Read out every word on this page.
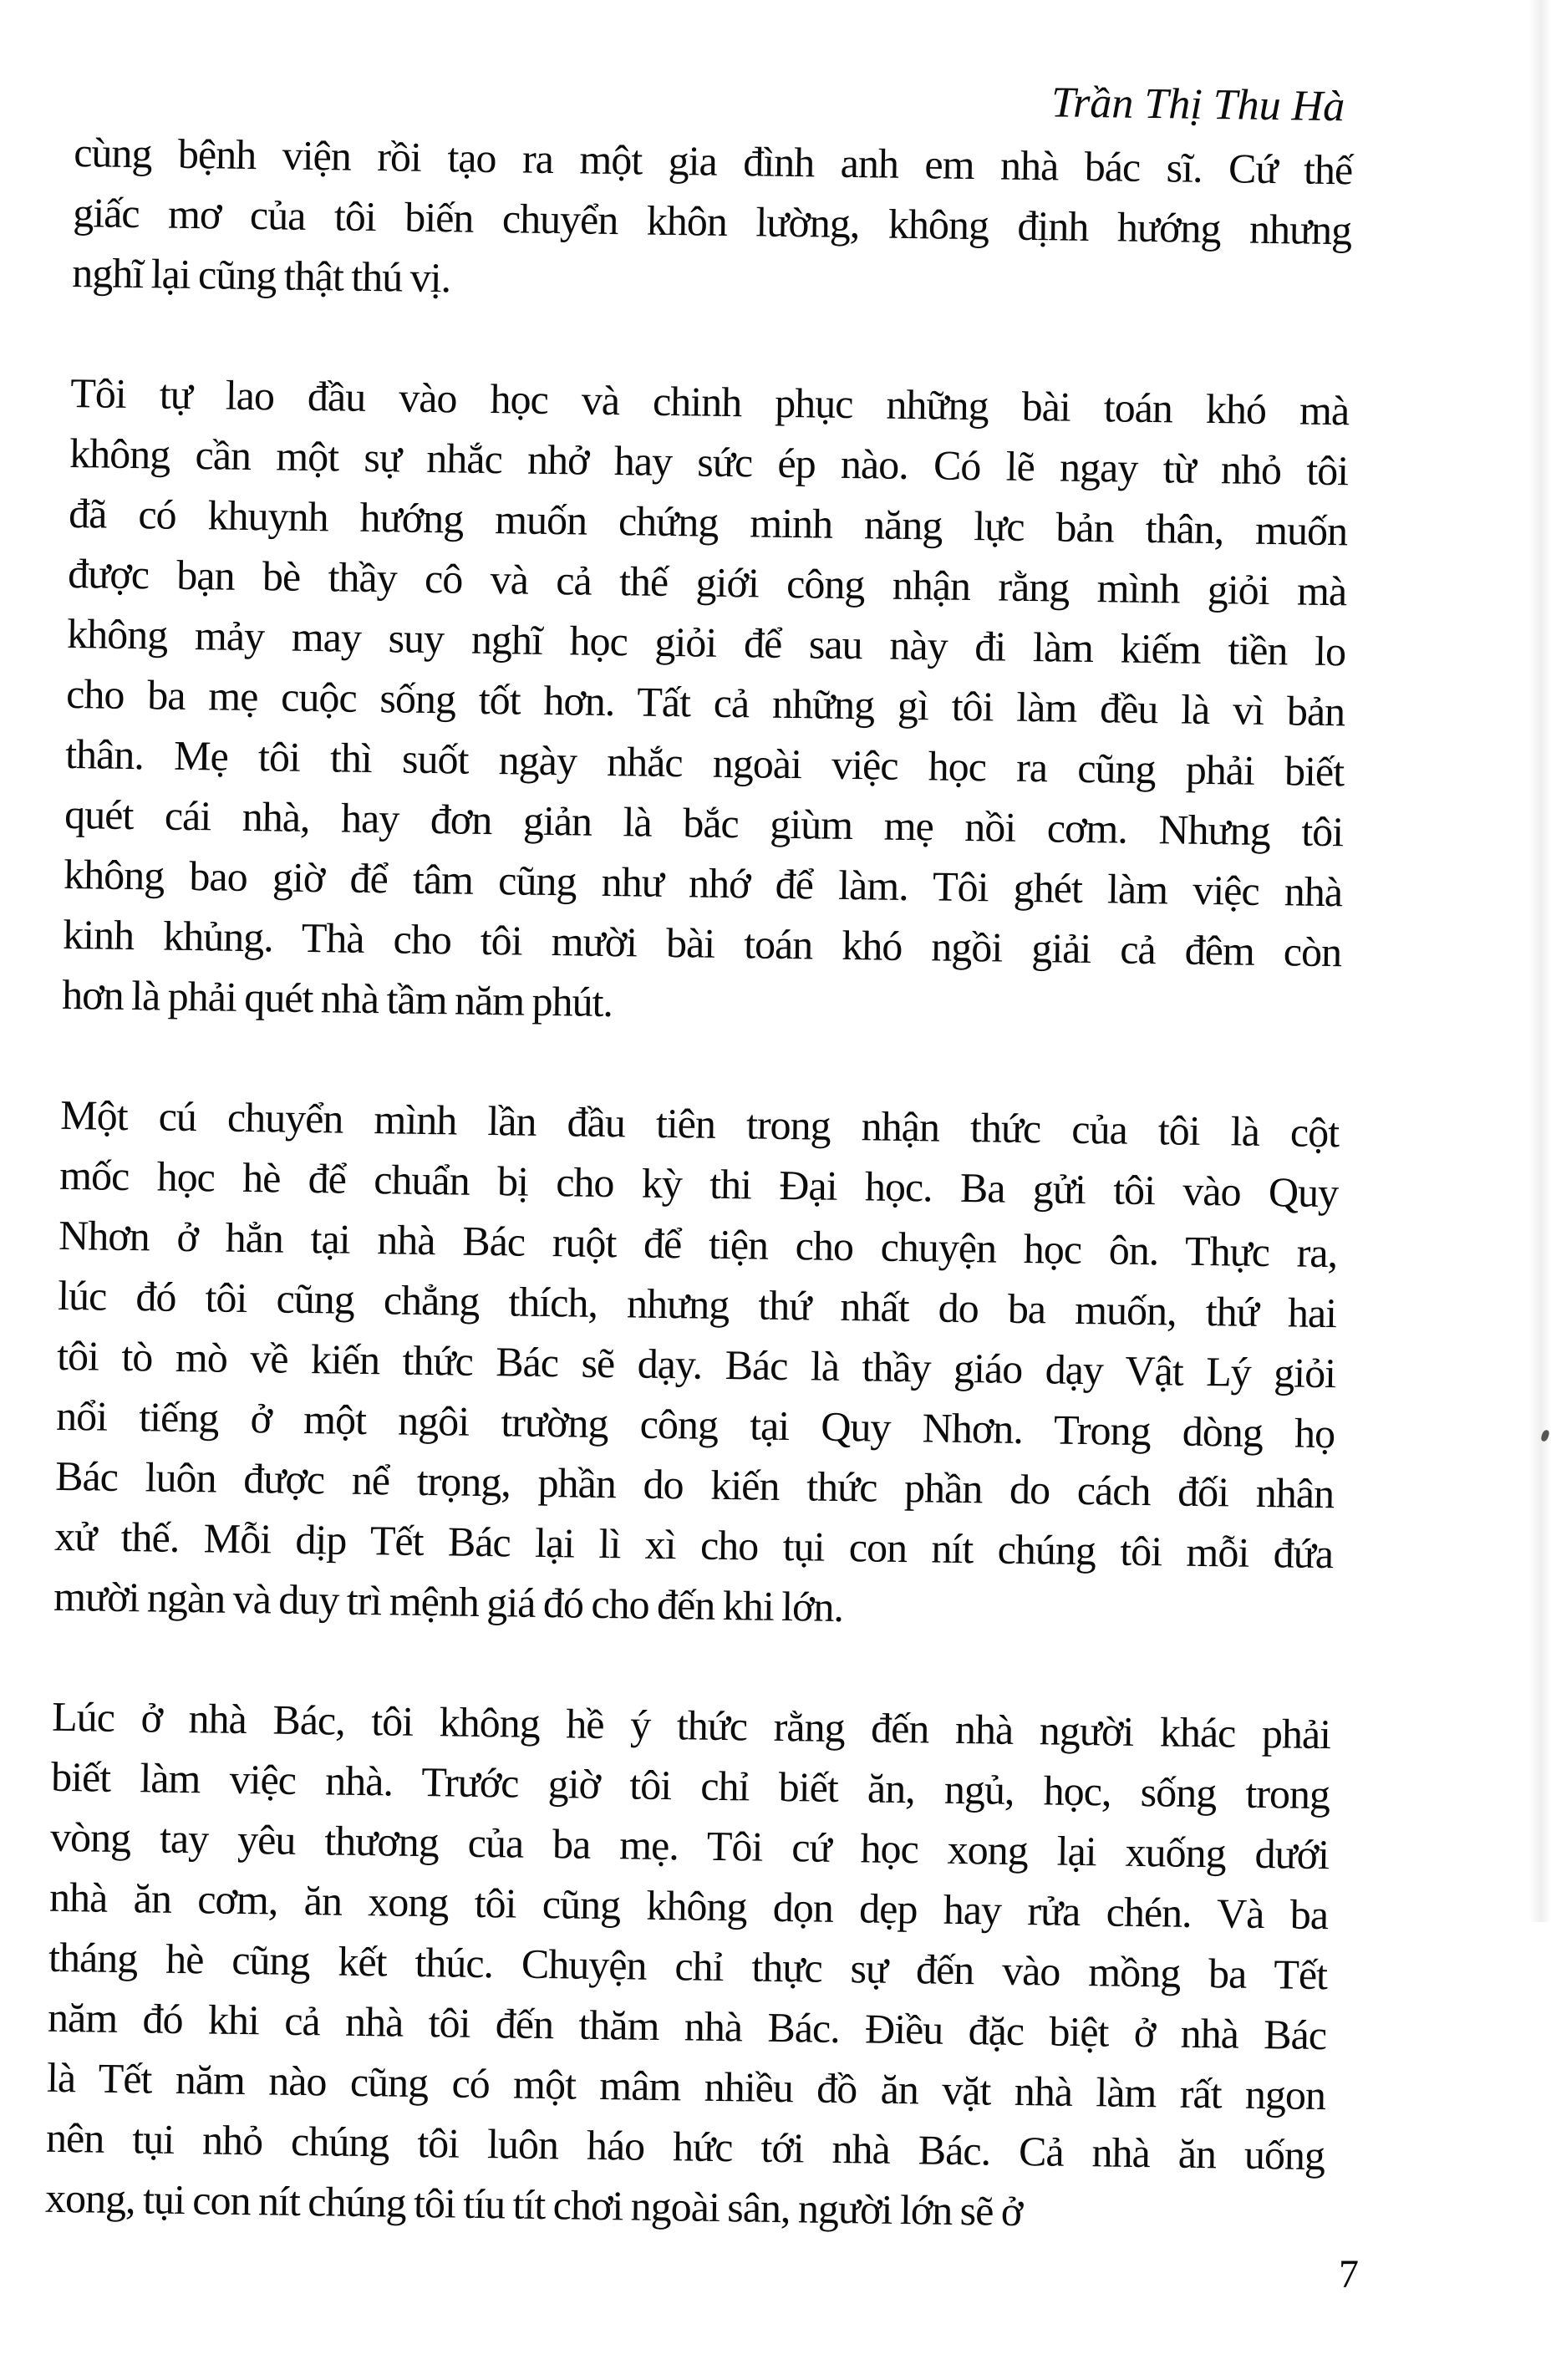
Trần Thị Thu Hà
cùng bệnh viện rồi tạo ra một gia đình anh em nhà bác sĩ. Cứ thế
giấc mơ của tôi biến chuyển khôn lường, không định hướng nhưng
nghĩ lại cũng thật thú vị.
Tôi tự lao đầu vào học và chinh phục những bài toán khó mà
không cần một sự nhắc nhở hay sức ép nào. Có lẽ ngay từ nhỏ tôi
đã có khuynh hướng muốn chứng minh năng lực bản thân, muốn
được bạn bè thầy cô và cả thế giới công nhận rằng mình giỏi mà
không mảy may suy nghĩ học giỏi để sau này đi làm kiếm tiền lo
cho ba mẹ cuộc sống tốt hơn. Tất cả những gì tôi làm đều là vì bản
thân. Mẹ tôi thì suốt ngày nhắc ngoài việc học ra cũng phải biết
quét cái nhà, hay đơn giản là bắc giùm mẹ nồi cơm. Nhưng tôi
không bao giờ để tâm cũng như nhớ để làm. Tôi ghét làm việc nhà
kinh khủng. Thà cho tôi mười bài toán khó ngồi giải cả đêm còn
hơn là phải quét nhà tầm năm phút.
Một cú chuyển mình lần đầu tiên trong nhận thức của tôi là cột
mốc học hè để chuẩn bị cho kỳ thi Đại học. Ba gửi tôi vào Quy
Nhơn ở hẳn tại nhà Bác ruột để tiện cho chuyện học ôn. Thực ra,
lúc đó tôi cũng chẳng thích, nhưng thứ nhất do ba muốn, thứ hai
tôi tò mò về kiến thức Bác sẽ dạy. Bác là thầy giáo dạy Vật Lý giỏi
nổi tiếng ở một ngôi trường công tại Quy Nhơn. Trong dòng họ
Bác luôn được nể trọng, phần do kiến thức phần do cách đối nhân
xử thế. Mỗi dịp Tết Bác lại lì xì cho tụi con nít chúng tôi mỗi đứa
mười ngàn và duy trì mệnh giá đó cho đến khi lớn.
Lúc ở nhà Bác, tôi không hề ý thức rằng đến nhà người khác phải
biết làm việc nhà. Trước giờ tôi chỉ biết ăn, ngủ, học, sống trong
vòng tay yêu thương của ba mẹ. Tôi cứ học xong lại xuống dưới
nhà ăn cơm, ăn xong tôi cũng không dọn dẹp hay rửa chén. Và ba
tháng hè cũng kết thúc. Chuyện chỉ thực sự đến vào mồng ba Tết
năm đó khi cả nhà tôi đến thăm nhà Bác. Điều đặc biệt ở nhà Bác
là Tết năm nào cũng có một mâm nhiều đồ ăn vặt nhà làm rất ngon
nên tụi nhỏ chúng tôi luôn háo hức tới nhà Bác. Cả nhà ăn uống
xong, tụi con nít chúng tôi tíu tít chơi ngoài sân, người lớn sẽ ở
7
